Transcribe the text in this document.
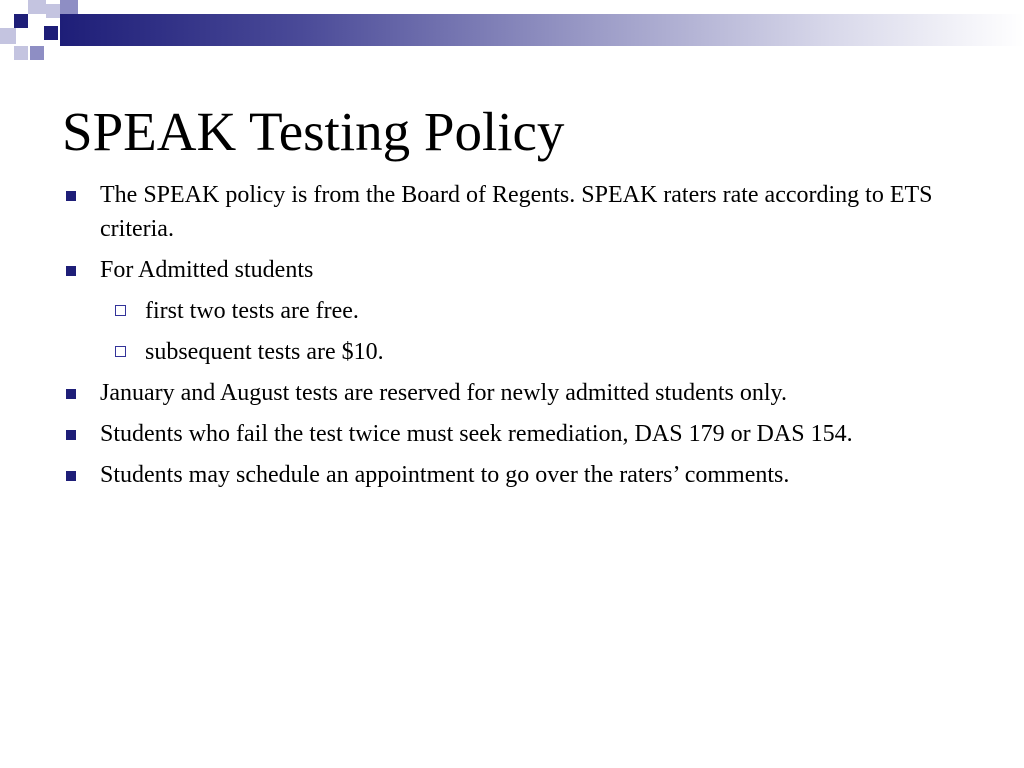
SPEAK Testing Policy
The SPEAK policy is from the Board of Regents. SPEAK raters rate according to ETS criteria.
For Admitted students
first two tests are free.
subsequent tests are $10.
January and August tests are reserved for newly admitted students only.
Students who fail the test twice must seek remediation, DAS 179 or DAS 154.
Students may schedule an appointment to go over the raters’ comments.
